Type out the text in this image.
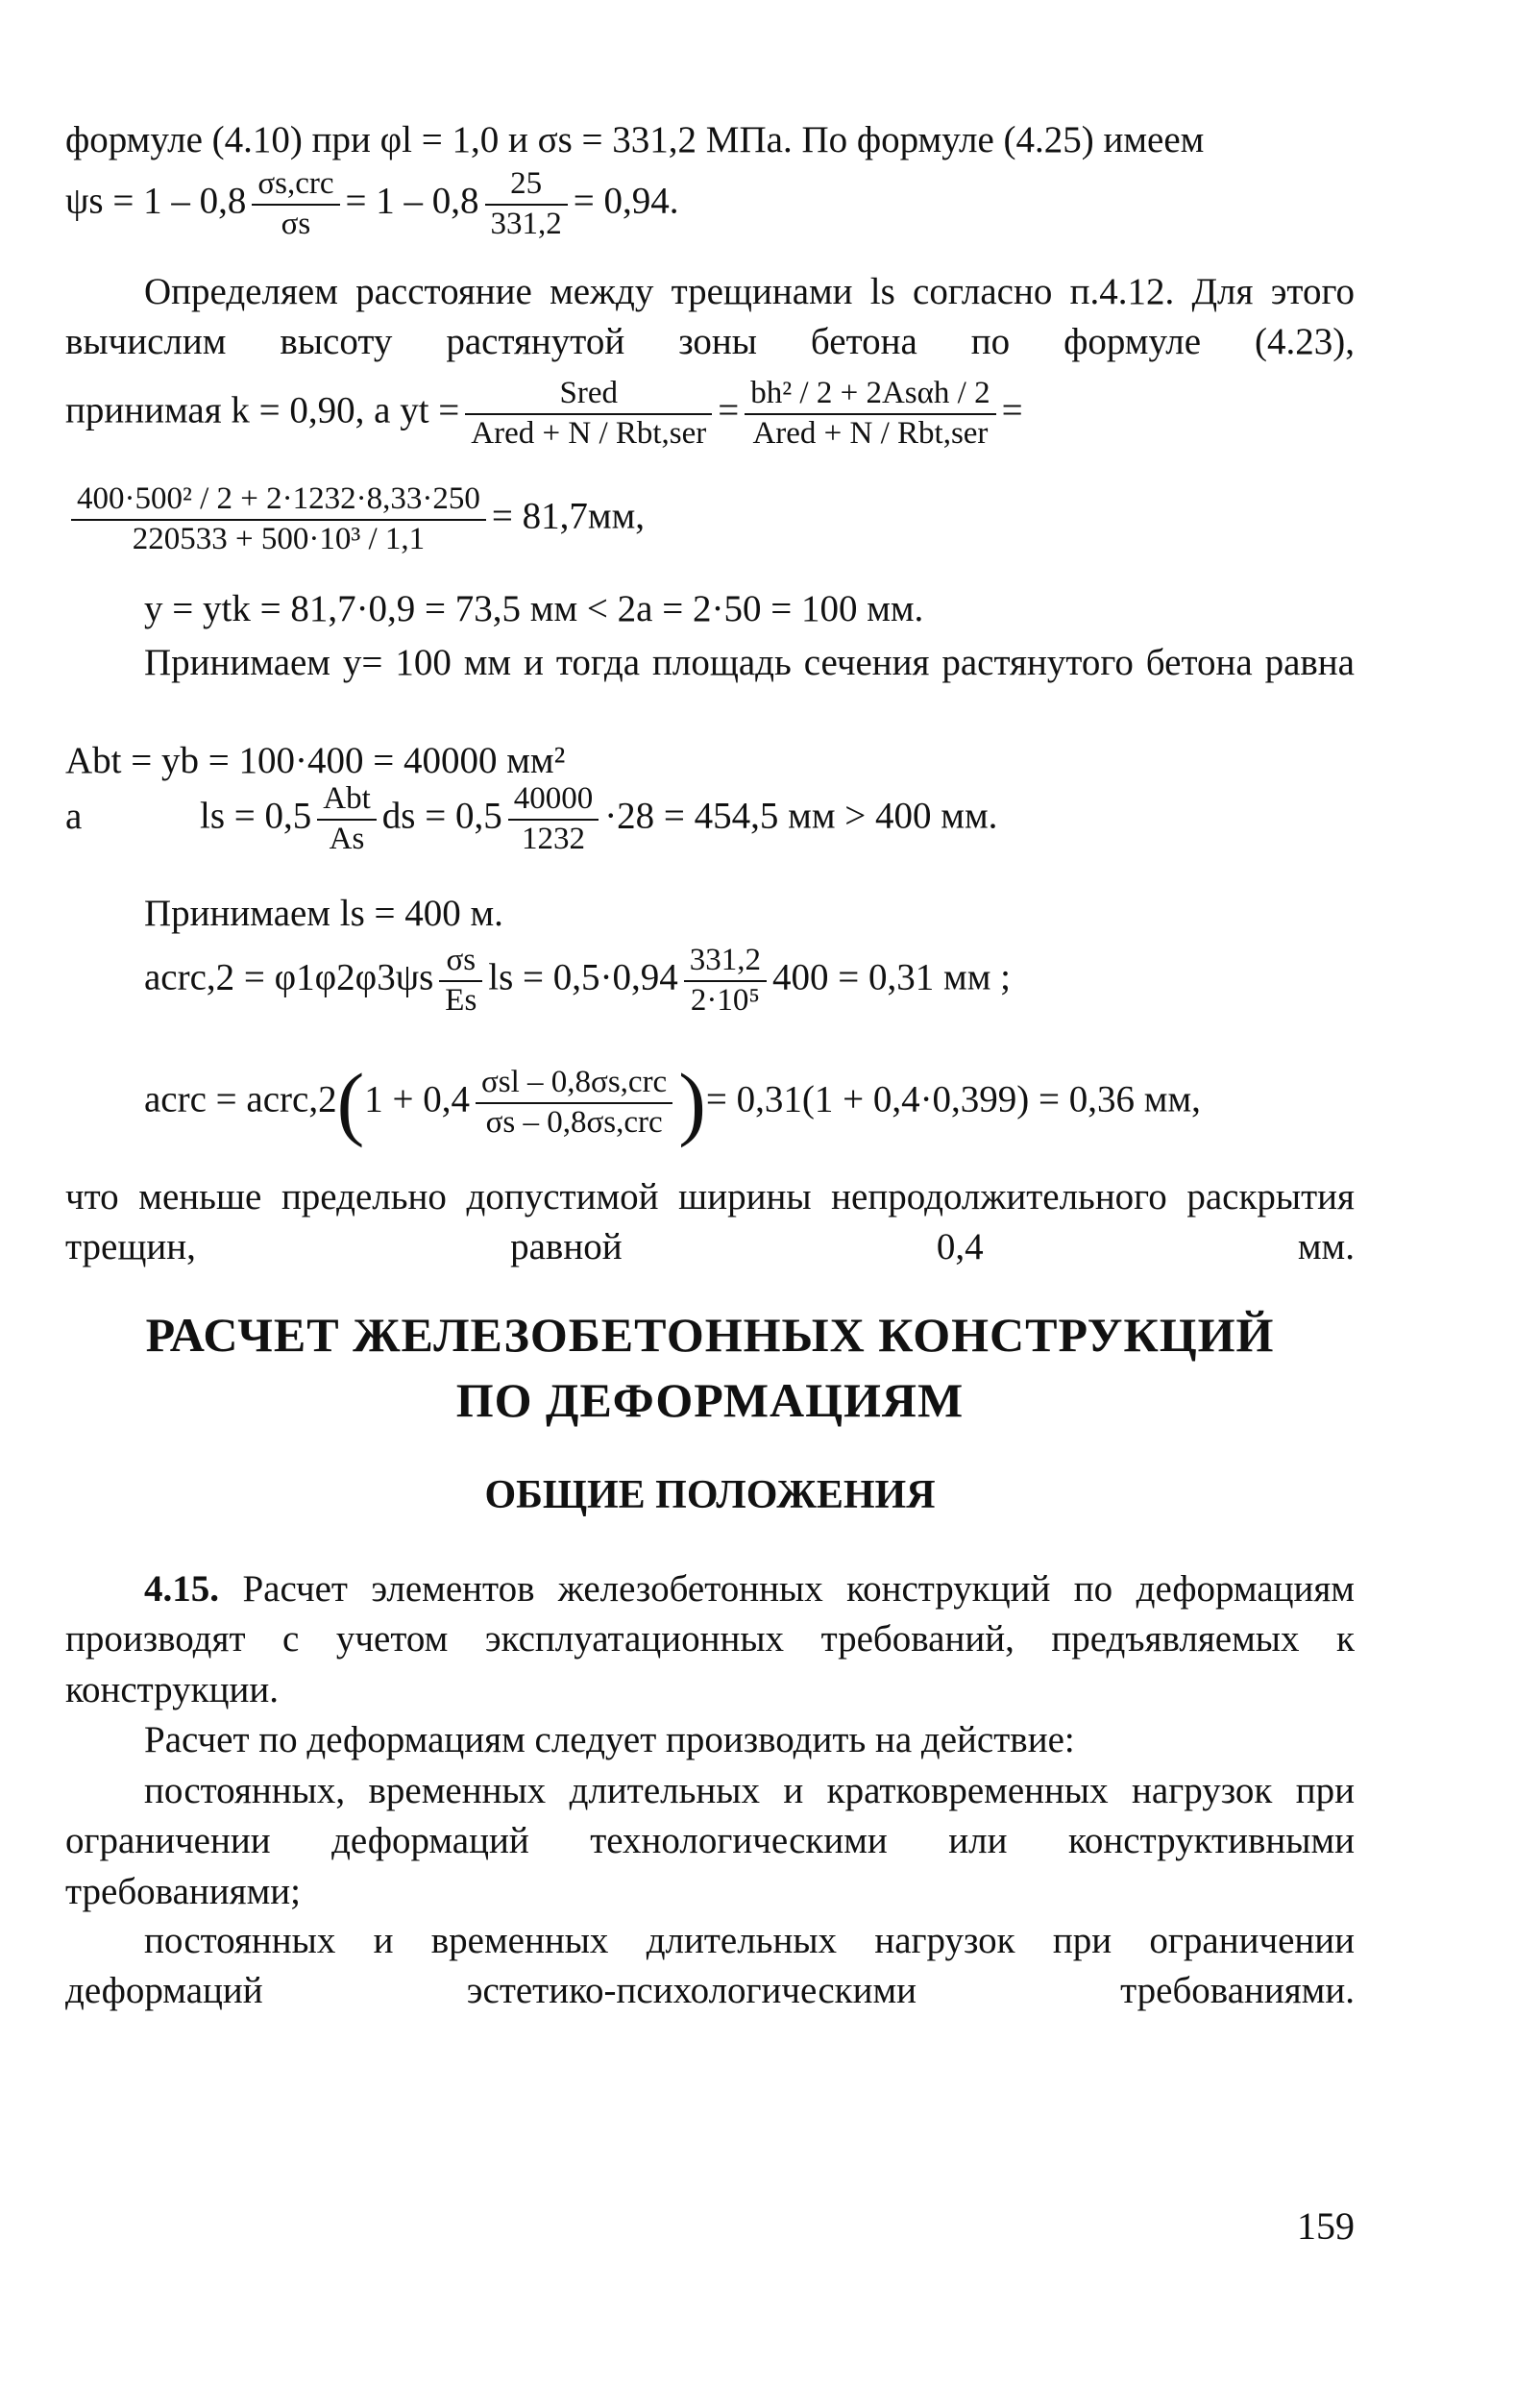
формуле (4.10) при φl = 1,0 и σs = 331,2 МПа. По формуле (4.25) имеем
ψs = 1 – 0,8 σs,crc
σs
= $1 - 0,8 \frac{25}{331,2} = 0,94$.
Определяем расстояние между трещинами ls согласно п.4.12. Для этого вычислим высоту растянутой зоны бетона по формуле (4.23),
принимая k = 0,90, а yt =	Sred
Ared + N / Rbt,ser
= bh² / 2 + 2Asαh / 2
Ared + N / Rbt,ser
=
$\frac{\text{400·500² / 2 + 2·1232·8,33·250}}{\text{220533 + 500·10³ / 1,1}} = 81,7мм$,
y = ytk = 81,7·0,9 = 73,5 мм < 2a = 2·50 = 100 мм.
Принимаем y= 100 мм и тогда площадь сечения растянутого бетона равна
Abt = yb = 100·400 = 40000 мм²
а	ls = 0,5 Abt
As
ds = $0,5 \frac{40000}{1232} \cdot 28 = 454,5$ мм > 400 мм.
Принимаем ls = 400 м.
acrc,2 = $\varphi 1\varphi 2\varphi 3\psi s \frac{\sigma s}{Es}$ ls = $0,5\cdot 0,94 \frac{331,2}{\text{2·10⁵}} 400 = 0,31$ мм ;
acrc = acrc,2(1 + 0,4 σsl – 0,8σs,crc
σs – 0,8σs,crc )= 0,31(1 + 0,4·0,399) = 0,36 мм,
что меньше предельно допустимой ширины непродолжительного раскрытия трещин, равной 0,4 мм.
РАСЧЕТ ЖЕЛЕЗОБЕТОННЫХ КОНСТРУКЦИЙ
ПО ДЕФОРМАЦИЯМ
ОБЩИЕ ПОЛОЖЕНИЯ
4.15. Расчет элементов железобетонных конструкций по деформациям производят с учетом эксплуатационных требований, предъявляемых к конструкции.
Расчет по деформациям следует производить на действие:
постоянных, временных длительных и кратковременных нагрузок при ограничении деформаций технологическими или конструктивными требованиями;
постоянных и временных длительных нагрузок при ограничении деформаций эстетико-психологическими требованиями.
159
